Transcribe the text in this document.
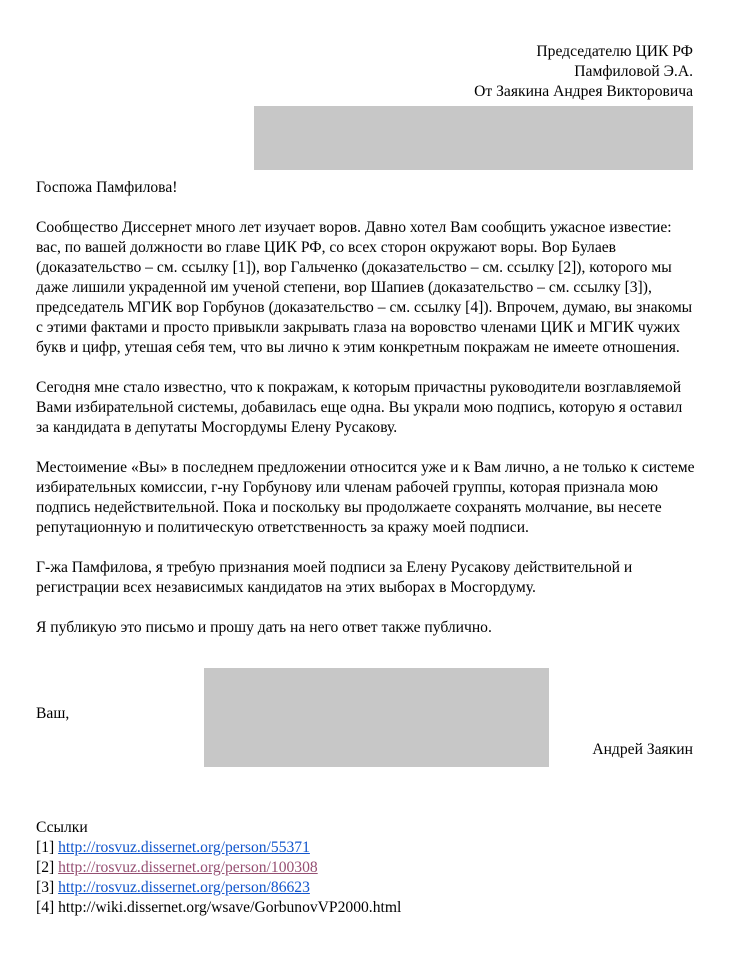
Председателю ЦИК РФ
Памфиловой Э.А.
От Заякина Андрея Викторовича

Госпожа Памфилова!

Сообщество Диссернет много лет изучает воров. Давно хотел Вам сообщить ужасное известие: вас, по вашей должности во главе ЦИК РФ, со всех сторон окружают воры. Вор Булаев (доказательство – см. ссылку [1]), вор Гальченко (доказательство – см. ссылку [2]), которого мы даже лишили украденной им ученой степени, вор Шапиев (доказательство – см. ссылку [3]), председатель МГИК вор Горбунов (доказательство – см. ссылку [4]). Впрочем, думаю, вы знакомы с этими фактами и просто привыкли закрывать глаза на воровство членами ЦИК и МГИК чужих букв и цифр, утешая себя тем, что вы лично к этим конкретным покражам не имеете отношения.

Сегодня мне стало известно, что к покражам, к которым причастны руководители возглавляемой Вами избирательной системы, добавилась еще одна. Вы украли мою подпись, которую я оставил за кандидата в депутаты Мосгордумы Елену Русакову.

Местоимение «Вы» в последнем предложении относится уже и к Вам лично, а не только к системе избирательных комиссии, г-ну Горбунову или членам рабочей группы, которая признала мою подпись недействительной. Пока и поскольку вы продолжаете сохранять молчание, вы несете репутационную и политическую ответственность за кражу моей подписи.

Г-жа Памфилова, я требую признания моей подписи за Елену Русакову действительной и регистрации всех независимых кандидатов на этих выборах в Мосгордуму.

Я публикую это письмо и прошу дать на него ответ также публично.

Ваш,
Андрей Заякин
Ссылки
[1] http://rosvuz.dissernet.org/person/55371
[2] http://rosvuz.dissernet.org/person/100308
[3] http://rosvuz.dissernet.org/person/86623
[4] http://wiki.dissernet.org/wsave/GorbunovVP2000.html
